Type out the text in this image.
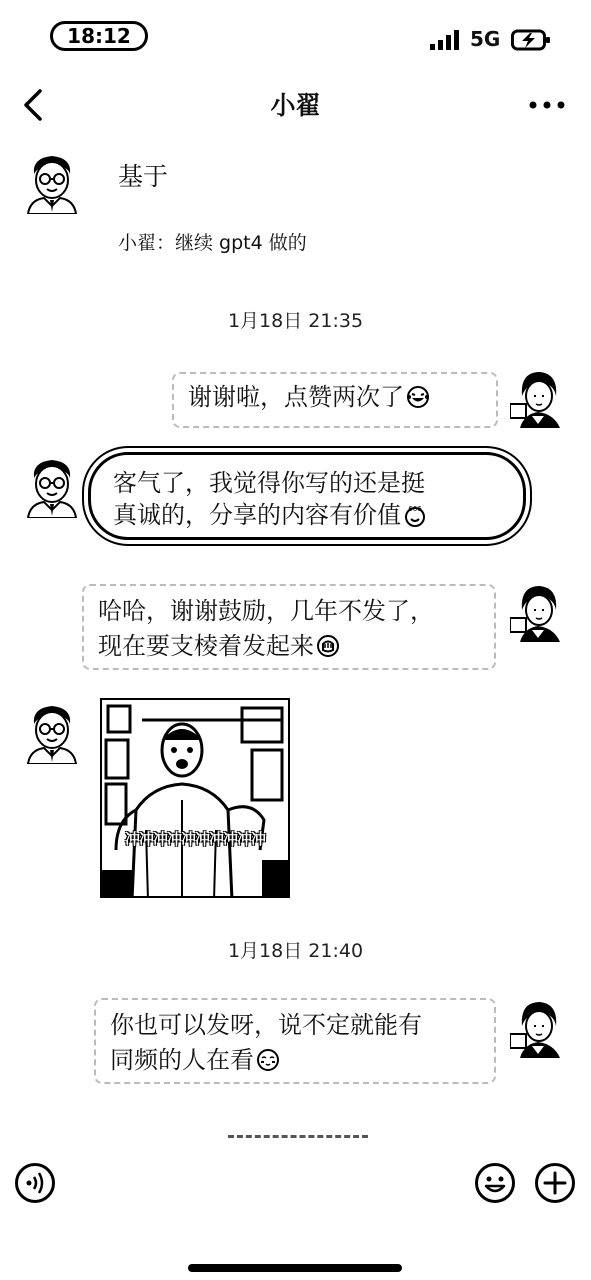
18:12	5G
小翟
基于
小翟：继续 gpt4 做的
1月18日 21:35
谢谢啦，点赞两次了
客气了，我觉得你写的还是挺
真诚的，分享的内容有价值 666
哈哈，谢谢鼓励，几年不发了，
现在要支棱着发起来
冲冲冲冲冲冲冲冲冲冲
1月18日 21:40
你也可以发呀，说不定就能有
同频的人在看
